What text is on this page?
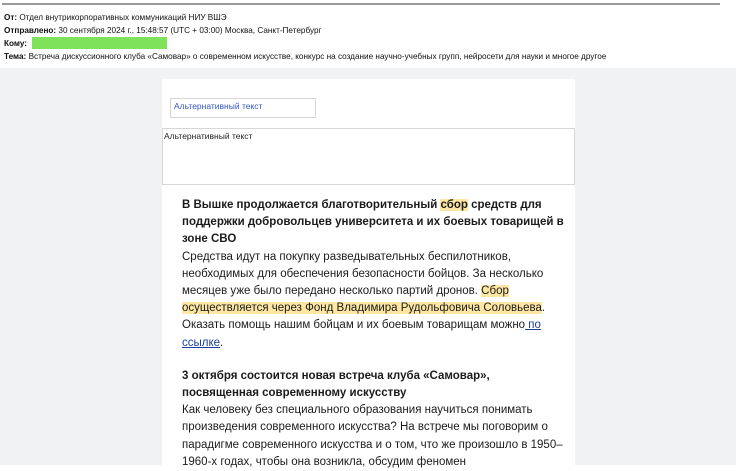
От: Отдел внутрикорпоративных коммуникаций НИУ ВШЭ
Отправлено: 30 сентября 2024 г., 15:48:57 (UTC + 03:00) Москва, Санкт-Петербург
Кому:
Тема: Встреча дискуссионного клуба «Самовар» о современном искусстве, конкурс на создание научно-учебных групп, нейросети для науки и многое другое
Альтернативный текст
Альтернативный текст
В Вышке продолжается благотворительный сбор средств для поддержки добровольцев университета и их боевых товарищей в зоне СВО

Средства идут на покупку разведывательных беспилотников, необходимых для обеспечения безопасности бойцов. За несколько месяцев уже было передано несколько партий дронов. Сбор осуществляется через Фонд Владимира Рудольфовича Соловьева. Оказать помощь нашим бойцам и их боевым товарищам можно по ссылке.

3 октября состоится новая встреча клуба «Самовар», посвященная современному искусству

Как человеку без специального образования научиться понимать произведения современного искусства? На встрече мы поговорим о парадигме современного искусства и о том, что же произошло в 1950–1960-х годах, чтобы она возникла, обсудим феномен
